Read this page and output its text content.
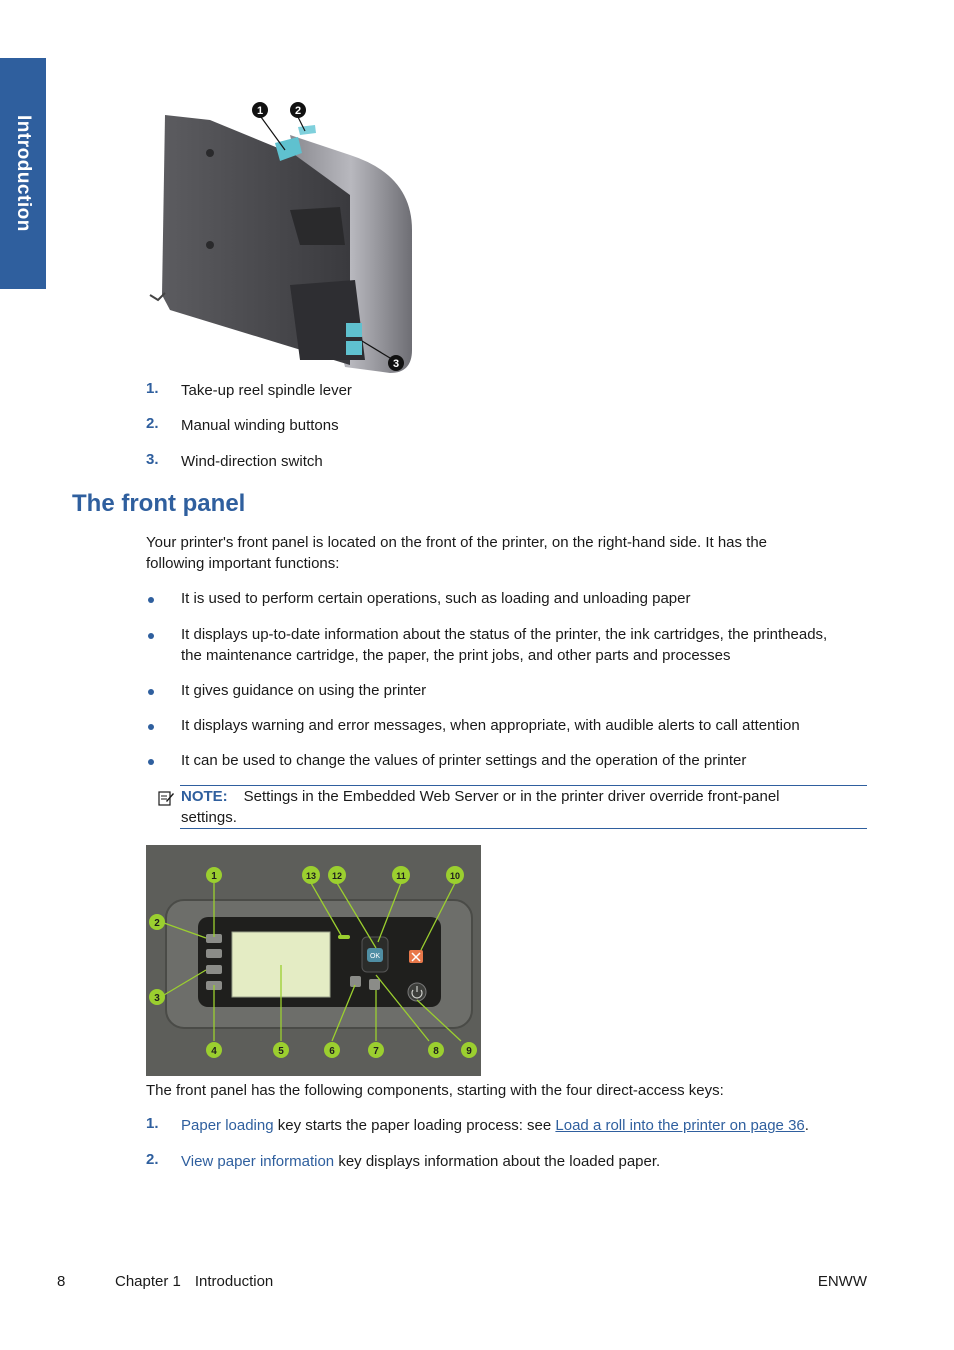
Introduction
1	2
3
1. Take-up reel spindle lever
2. Manual winding buttons
3. Wind-direction switch
The front panel
Your printer's front panel is located on the front of the printer, on the right-hand side. It has the
following important functions:
It is used to perform certain operations, such as loading and unloading paper
It displays up-to-date information about the status of the printer, the ink cartridges, the printheads,
the maintenance cartridge, the paper, the print jobs, and other parts and processes
It gives guidance on using the printer
It displays warning and error messages, when appropriate, with audible alerts to call attention
It can be used to change the values of printer settings and the operation of the printer
NOTE: Settings in the Embedded Web Server or in the printer driver override front-panel
settings.
OK
1
2
3
4	5	6	7	8	9
10
11
12
13
The front panel has the following components, starting with the four direct-access keys:
1. Paper loading key starts the paper loading process: see Load a roll into the printer on page 36.
2. View paper information key displays information about the loaded paper.
8	Chapter 1 Introduction	ENWW
